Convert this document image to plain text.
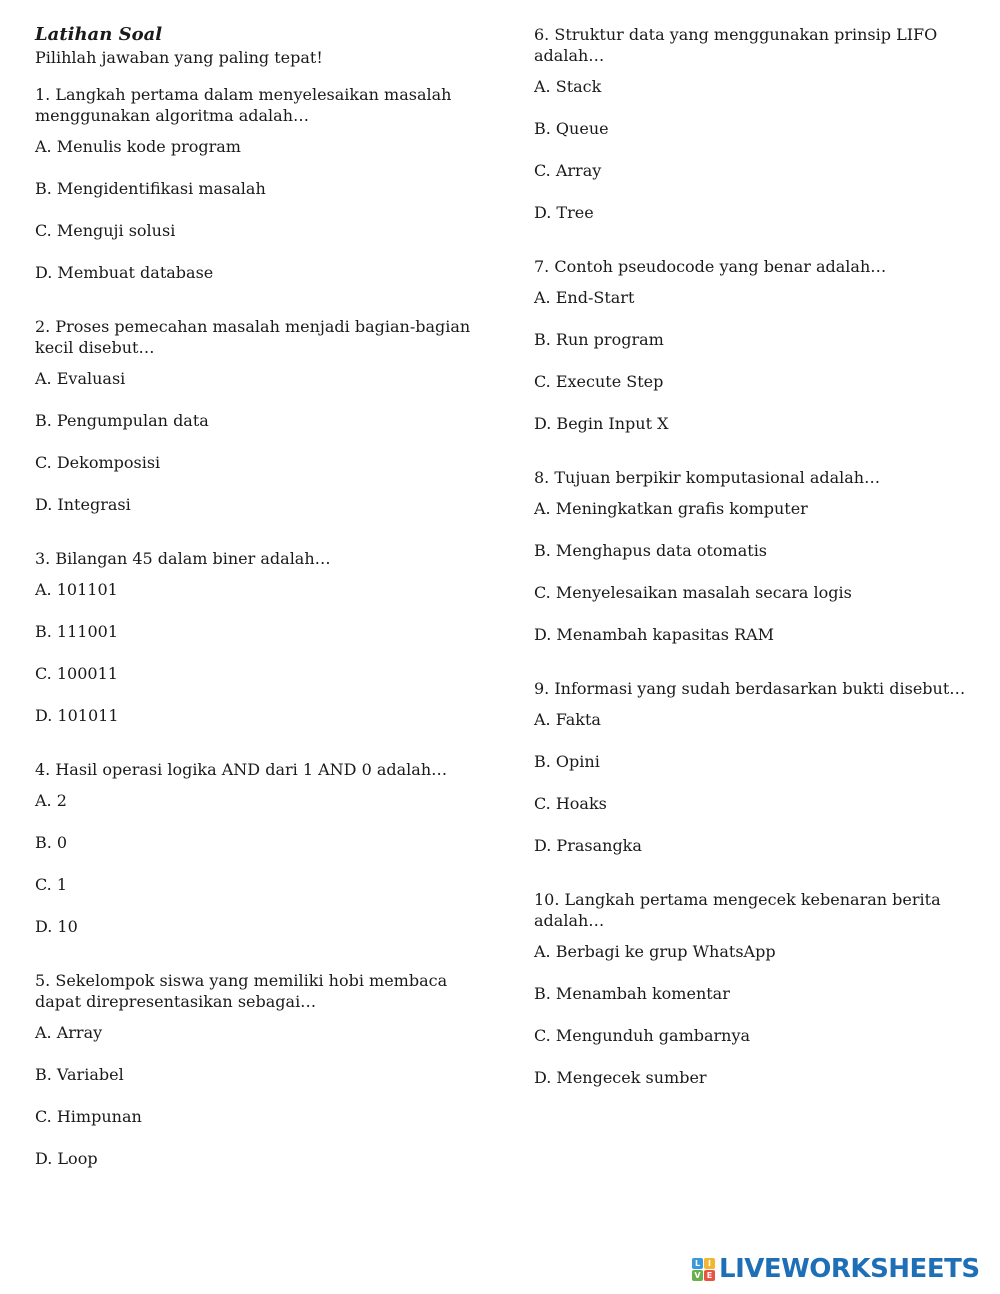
Latihan Soal
Pilihlah jawaban yang paling tepat!
1. Langkah pertama dalam menyelesaikan masalah menggunakan algoritma adalah…
A. Menulis kode program
B. Mengidentifikasi masalah
C. Menguji solusi
D. Membuat database
2. Proses pemecahan masalah menjadi bagian-bagian kecil disebut…
A. Evaluasi
B. Pengumpulan data
C. Dekomposisi
D. Integrasi
3. Bilangan 45 dalam biner adalah…
A. 101101
B. 111001
C. 100011
D. 101011
4. Hasil operasi logika AND dari 1 AND 0 adalah…
A. 2
B. 0
C. 1
D. 10
5. Sekelompok siswa yang memiliki hobi membaca dapat direpresentasikan sebagai…
A. Array
B. Variabel
C. Himpunan
D. Loop
6. Struktur data yang menggunakan prinsip LIFO adalah…
A. Stack
B. Queue
C. Array
D. Tree
7. Contoh pseudocode yang benar adalah…
A. End-Start
B. Run program
C. Execute Step
D. Begin Input X
8. Tujuan berpikir komputasional adalah…
A. Meningkatkan grafis komputer
B. Menghapus data otomatis
C. Menyelesaikan masalah secara logis
D. Menambah kapasitas RAM
9. Informasi yang sudah berdasarkan bukti disebut…
A. Fakta
B. Opini
C. Hoaks
D. Prasangka
10. Langkah pertama mengecek kebenaran berita adalah…
A. Berbagi ke grup WhatsApp
B. Menambah komentar
C. Mengunduh gambarnya
D. Mengecek sumber
L I
V E LIVEWORKSHEETS
